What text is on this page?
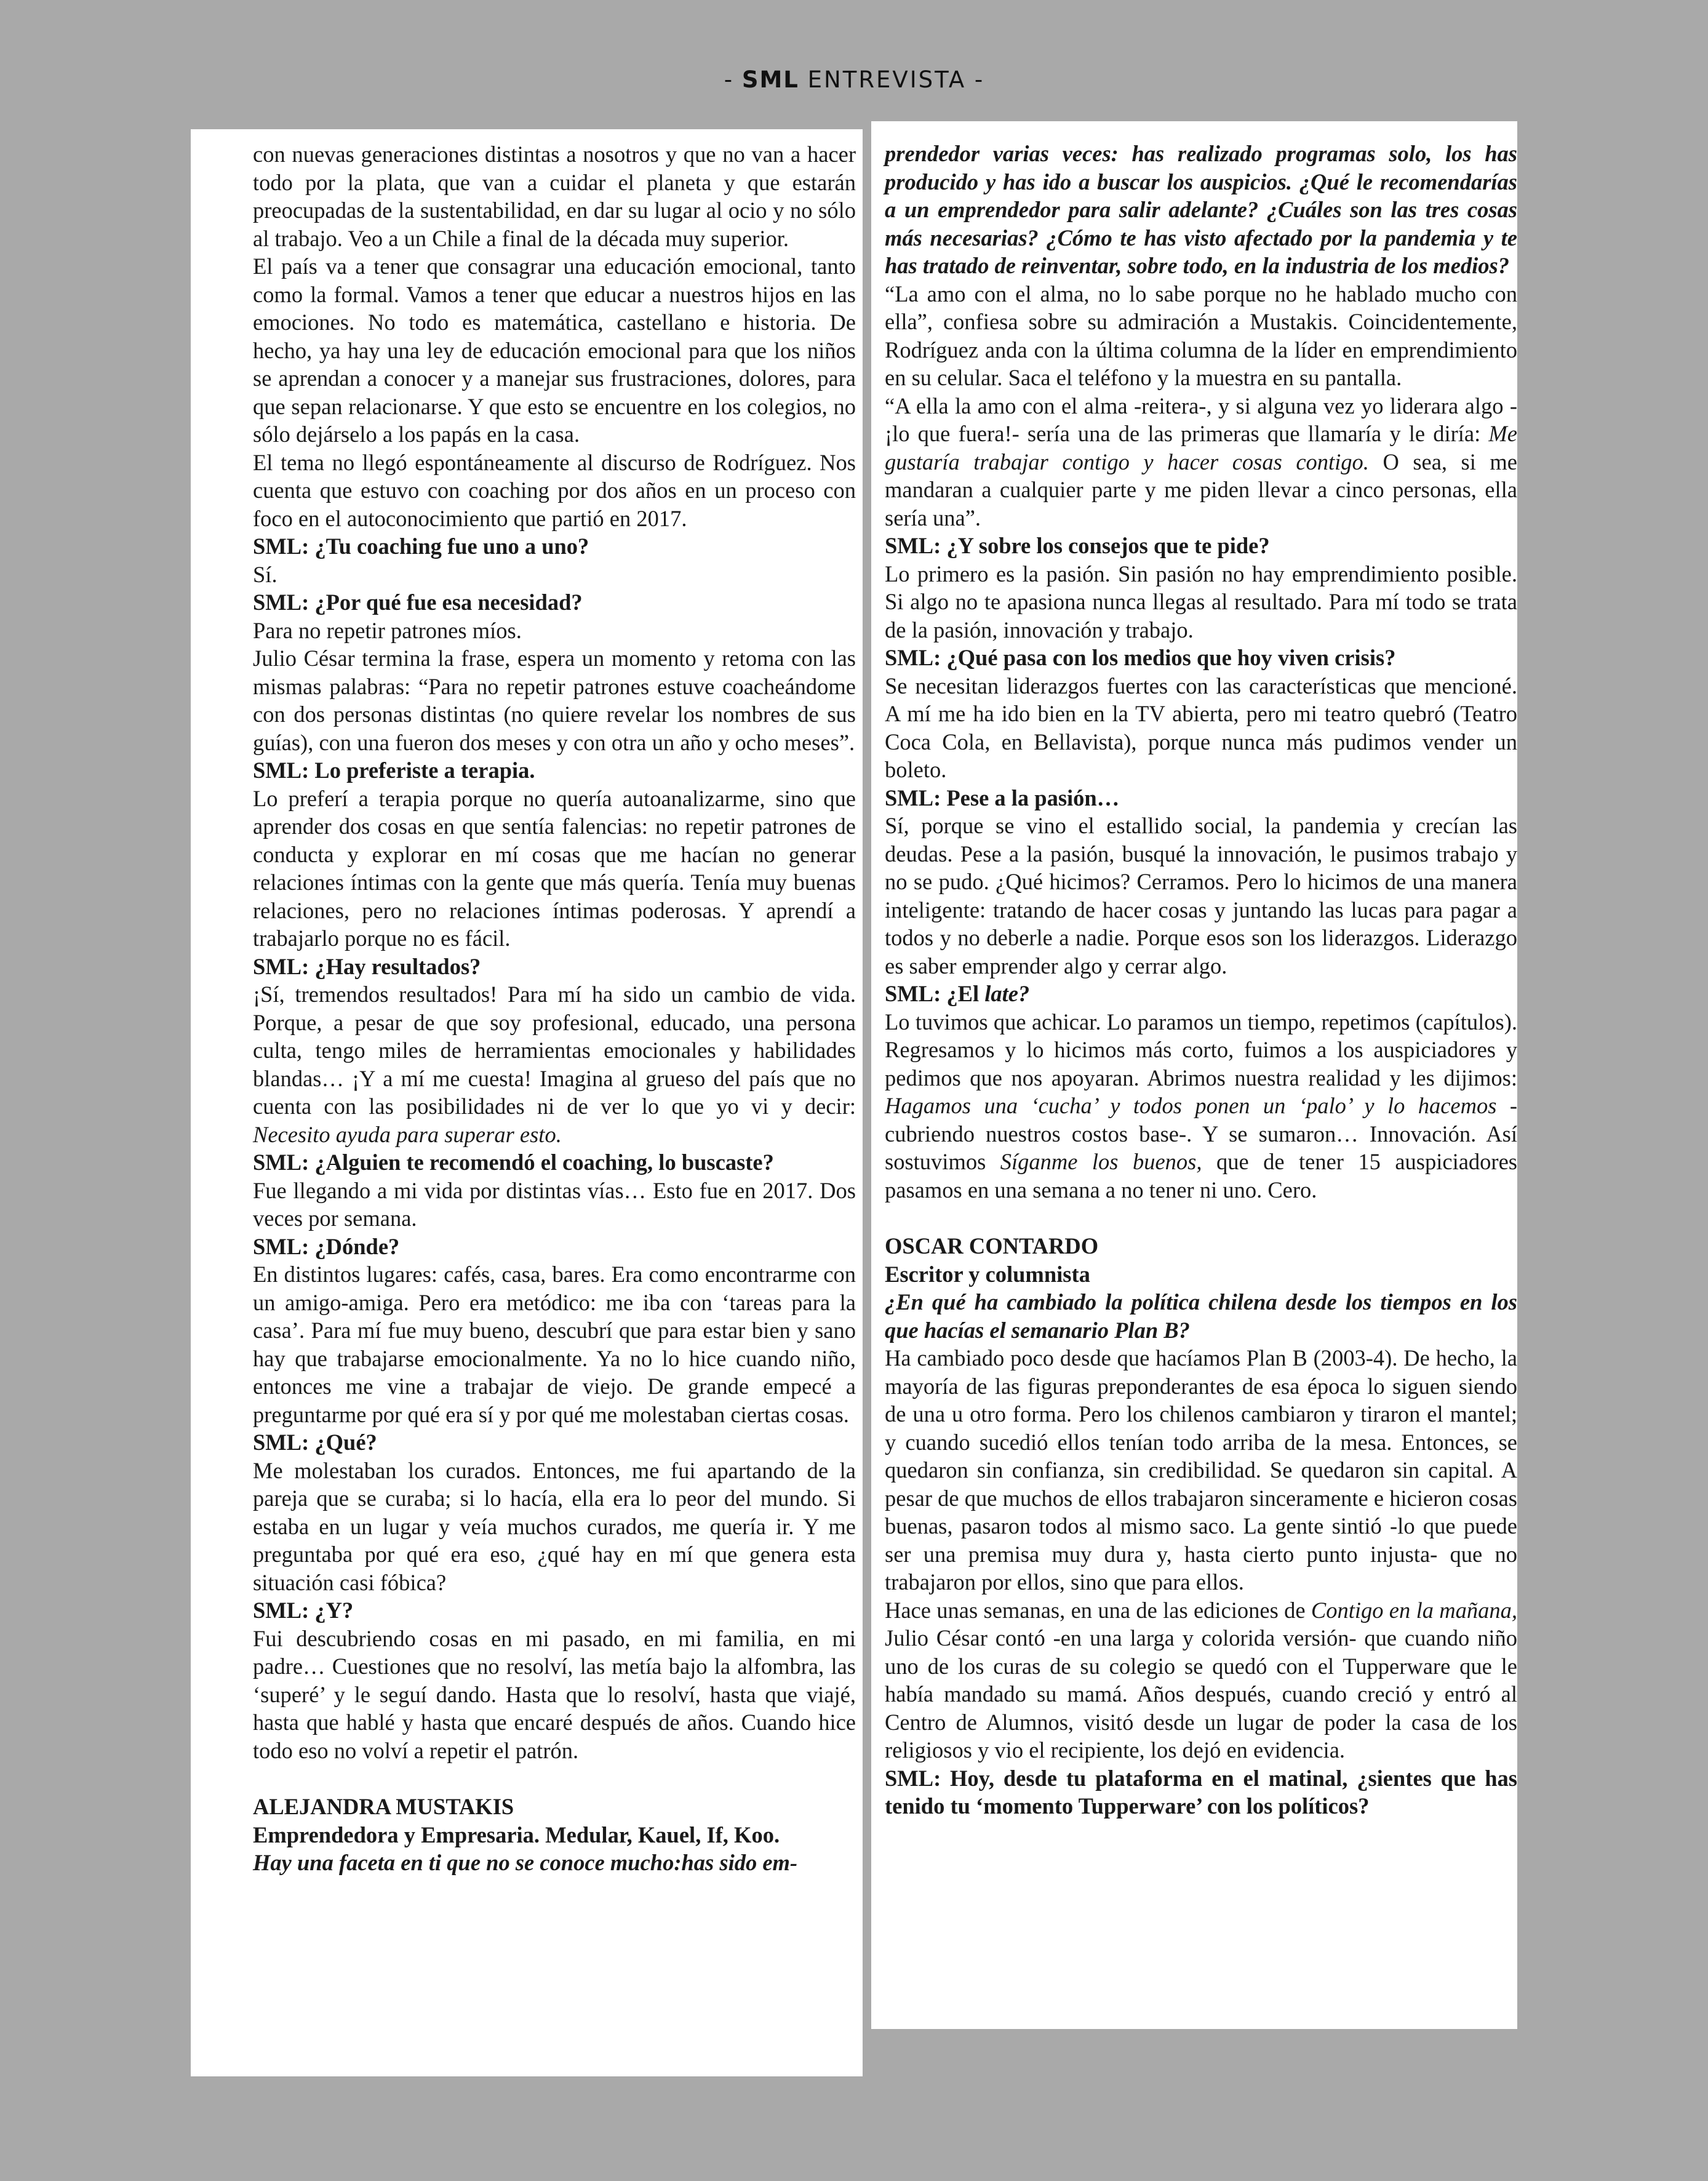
- SML ENTREVISTA -

con nuevas generaciones distintas a nosotros y que no van a hacer todo por la plata, que van a cuidar el planeta y que estarán preocupadas de la sustentabilidad, en dar su lugar al ocio y no sólo al trabajo. Veo a un Chile a final de la década muy superior.

El país va a tener que consagrar una educación emocional, tanto como la formal. Vamos a tener que educar a nuestros hijos en las emociones. No todo es matemática, castellano e historia. De hecho, ya hay una ley de educación emocional para que los niños se aprendan a conocer y a manejar sus frustraciones, dolores, para que sepan relacionarse. Y que esto se encuentre en los colegios, no sólo dejárselo a los papás en la casa.

El tema no llegó espontáneamente al discurso de Rodríguez. Nos cuenta que estuvo con coaching por dos años en un proceso con foco en el autoconocimiento que partió en 2017.

SML: ¿Tu coaching fue uno a uno?

Sí.

SML: ¿Por qué fue esa necesidad?

Para no repetir patrones míos.

Julio César termina la frase, espera un momento y retoma con las mismas palabras: “Para no repetir patrones estuve coacheándome con dos personas distintas (no quiere revelar los nombres de sus guías), con una fueron dos meses y con otra un año y ocho meses”.

SML: Lo preferiste a terapia.

Lo preferí a terapia porque no quería autoanalizarme, sino que aprender dos cosas en que sentía falencias: no repetir patrones de conducta y explorar en mí cosas que me hacían no generar relaciones íntimas con la gente que más quería. Tenía muy buenas relaciones, pero no relaciones íntimas poderosas. Y aprendí a trabajarlo porque no es fácil.

SML: ¿Hay resultados?

¡Sí, tremendos resultados! Para mí ha sido un cambio de vida. Porque, a pesar de que soy profesional, educado, una persona culta, tengo miles de herramientas emocionales y habilidades blandas… ¡Y a mí me cuesta! Imagina al grueso del país que no cuenta con las posibilidades ni de ver lo que yo vi y decir: Necesito ayuda para superar esto.

SML: ¿Alguien te recomendó el coaching, lo buscaste?

Fue llegando a mi vida por distintas vías… Esto fue en 2017. Dos veces por semana.

SML: ¿Dónde?

En distintos lugares: cafés, casa, bares. Era como encontrarme con un amigo-amiga. Pero era metódico: me iba con ‘tareas para la casa’. Para mí fue muy bueno, descubrí que para estar bien y sano hay que trabajarse emocionalmente. Ya no lo hice cuando niño, entonces me vine a trabajar de viejo. De grande empecé a preguntarme por qué era sí y por qué me molestaban ciertas cosas.

SML: ¿Qué?

Me molestaban los curados. Entonces, me fui apartando de la pareja que se curaba; si lo hacía, ella era lo peor del mundo. Si estaba en un lugar y veía muchos curados, me quería ir. Y me preguntaba por qué era eso, ¿qué hay en mí que genera esta situación casi fóbica?

SML: ¿Y?

Fui descubriendo cosas en mi pasado, en mi familia, en mi padre… Cuestiones que no resolví, las metía bajo la alfombra, las ‘superé’ y le seguí dando. Hasta que lo resolví, hasta que viajé, hasta que hablé y hasta que encaré después de años. Cuando hice todo eso no volví a repetir el patrón.

ALEJANDRA MUSTAKIS

Emprendedora y Empresaria. Medular, Kauel, If, Koo.

Hay una faceta en ti que no se conoce mucho:has sido em-

prendedor varias veces: has realizado programas solo, los has producido y has ido a buscar los auspicios. ¿Qué le recomendarías a un emprendedor para salir adelante? ¿Cuáles son las tres cosas más necesarias? ¿Cómo te has visto afectado por la pandemia y te has tratado de reinventar, sobre todo, en la industria de los medios?

“La amo con el alma, no lo sabe porque no he hablado mucho con ella”, confiesa sobre su admiración a Mustakis. Coincidentemente, Rodríguez anda con la última columna de la líder en emprendimiento en su celular. Saca el teléfono y la muestra en su pantalla.

“A ella la amo con el alma -reitera-, y si alguna vez yo liderara algo -¡lo que fuera!- sería una de las primeras que llamaría y le diría: Me gustaría trabajar contigo y hacer cosas contigo. O sea, si me mandaran a cualquier parte y me piden llevar a cinco personas, ella sería una”.

SML: ¿Y sobre los consejos que te pide?

Lo primero es la pasión. Sin pasión no hay emprendimiento posible. Si algo no te apasiona nunca llegas al resultado. Para mí todo se trata de la pasión, innovación y trabajo.

SML: ¿Qué pasa con los medios que hoy viven crisis?

Se necesitan liderazgos fuertes con las características que mencioné. A mí me ha ido bien en la TV abierta, pero mi teatro quebró (Teatro Coca Cola, en Bellavista), porque nunca más pudimos vender un boleto.

SML: Pese a la pasión…

Sí, porque se vino el estallido social, la pandemia y crecían las deudas. Pese a la pasión, busqué la innovación, le pusimos trabajo y no se pudo. ¿Qué hicimos? Cerramos. Pero lo hicimos de una manera inteligente: tratando de hacer cosas y juntando las lucas para pagar a todos y no deberle a nadie. Porque esos son los liderazgos. Liderazgo es saber emprender algo y cerrar algo.

SML: ¿El late?

Lo tuvimos que achicar. Lo paramos un tiempo, repetimos (capítulos). Regresamos y lo hicimos más corto, fuimos a los auspiciadores y pedimos que nos apoyaran. Abrimos nuestra realidad y les dijimos: Hagamos una ‘cucha’ y todos ponen un ‘palo’ y lo hacemos -cubriendo nuestros costos base-. Y se sumaron… Innovación. Así sostuvimos Síganme los buenos, que de tener 15 auspiciadores pasamos en una semana a no tener ni uno. Cero.

OSCAR CONTARDO

Escritor y columnista

¿En qué ha cambiado la política chilena desde los tiempos en los que hacías el semanario Plan B?

Ha cambiado poco desde que hacíamos Plan B (2003-4). De hecho, la mayoría de las figuras preponderantes de esa época lo siguen siendo de una u otro forma. Pero los chilenos cambiaron y tiraron el mantel; y cuando sucedió ellos tenían todo arriba de la mesa. Entonces, se quedaron sin confianza, sin credibilidad. Se quedaron sin capital. A pesar de que muchos de ellos trabajaron sinceramente e hicieron cosas buenas, pasaron todos al mismo saco. La gente sintió -lo que puede ser una premisa muy dura y, hasta cierto punto injusta- que no trabajaron por ellos, sino que para ellos.

Hace unas semanas, en una de las ediciones de Contigo en la mañana, Julio César contó -en una larga y colorida versión- que cuando niño uno de los curas de su colegio se quedó con el Tupperware que le había mandado su mamá. Años después, cuando creció y entró al Centro de Alumnos, visitó desde un lugar de poder la casa de los religiosos y vio el recipiente, los dejó en evidencia.

SML: Hoy, desde tu plataforma en el matinal, ¿sientes que has tenido tu ‘momento Tupperware’ con los políticos?
